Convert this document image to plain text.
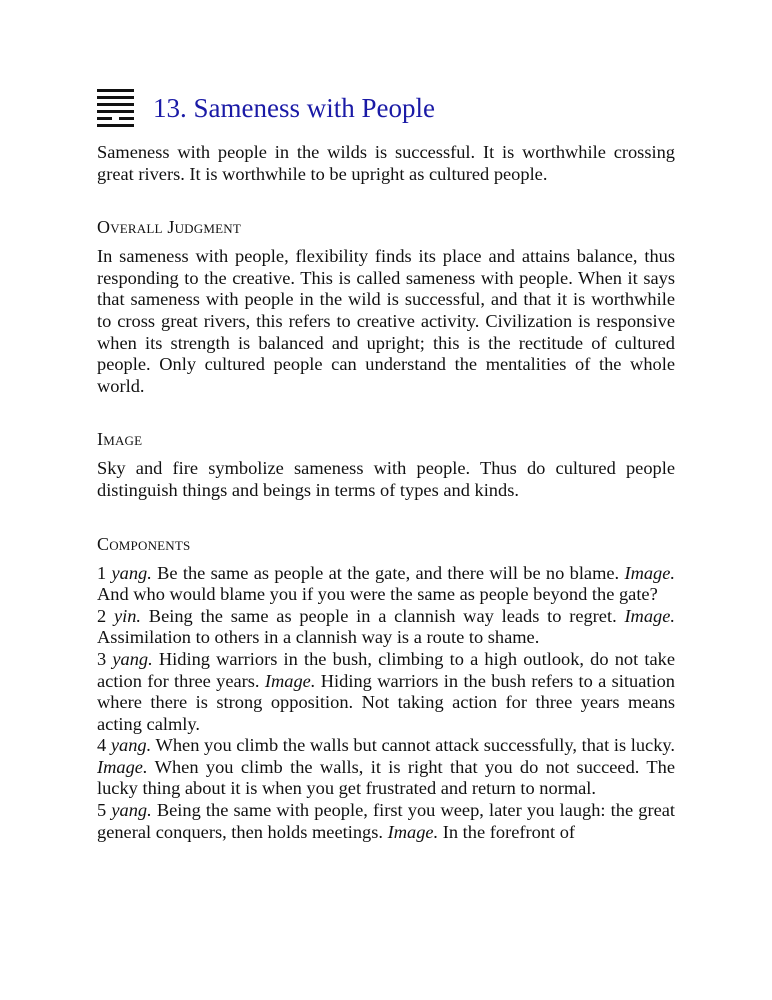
13. Sameness with People

Sameness with people in the wilds is successful. It is worthwhile crossing great rivers. It is worthwhile to be upright as cultured people.

Overall Judgment

In sameness with people, flexibility finds its place and attains balance, thus responding to the creative. This is called sameness with people. When it says that sameness with people in the wild is successful, and that it is worthwhile to cross great rivers, this refers to creative activity. Civilization is responsive when its strength is balanced and upright; this is the rectitude of cultured people. Only cultured people can understand the mentalities of the whole world.

Image

Sky and fire symbolize sameness with people. Thus do cultured people distinguish things and beings in terms of types and kinds.

Components

1 yang. Be the same as people at the gate, and there will be no blame. Image. And who would blame you if you were the same as people beyond the gate?

2 yin. Being the same as people in a clannish way leads to regret. Image. Assimilation to others in a clannish way is a route to shame.

3 yang. Hiding warriors in the bush, climbing to a high outlook, do not take action for three years. Image. Hiding warriors in the bush refers to a situation where there is strong opposition. Not taking action for three years means acting calmly.

4 yang. When you climb the walls but cannot attack successfully, that is lucky. Image. When you climb the walls, it is right that you do not succeed. The lucky thing about it is when you get frustrated and return to normal.

5 yang. Being the same with people, first you weep, later you laugh: the great general conquers, then holds meetings. Image. In the forefront of
